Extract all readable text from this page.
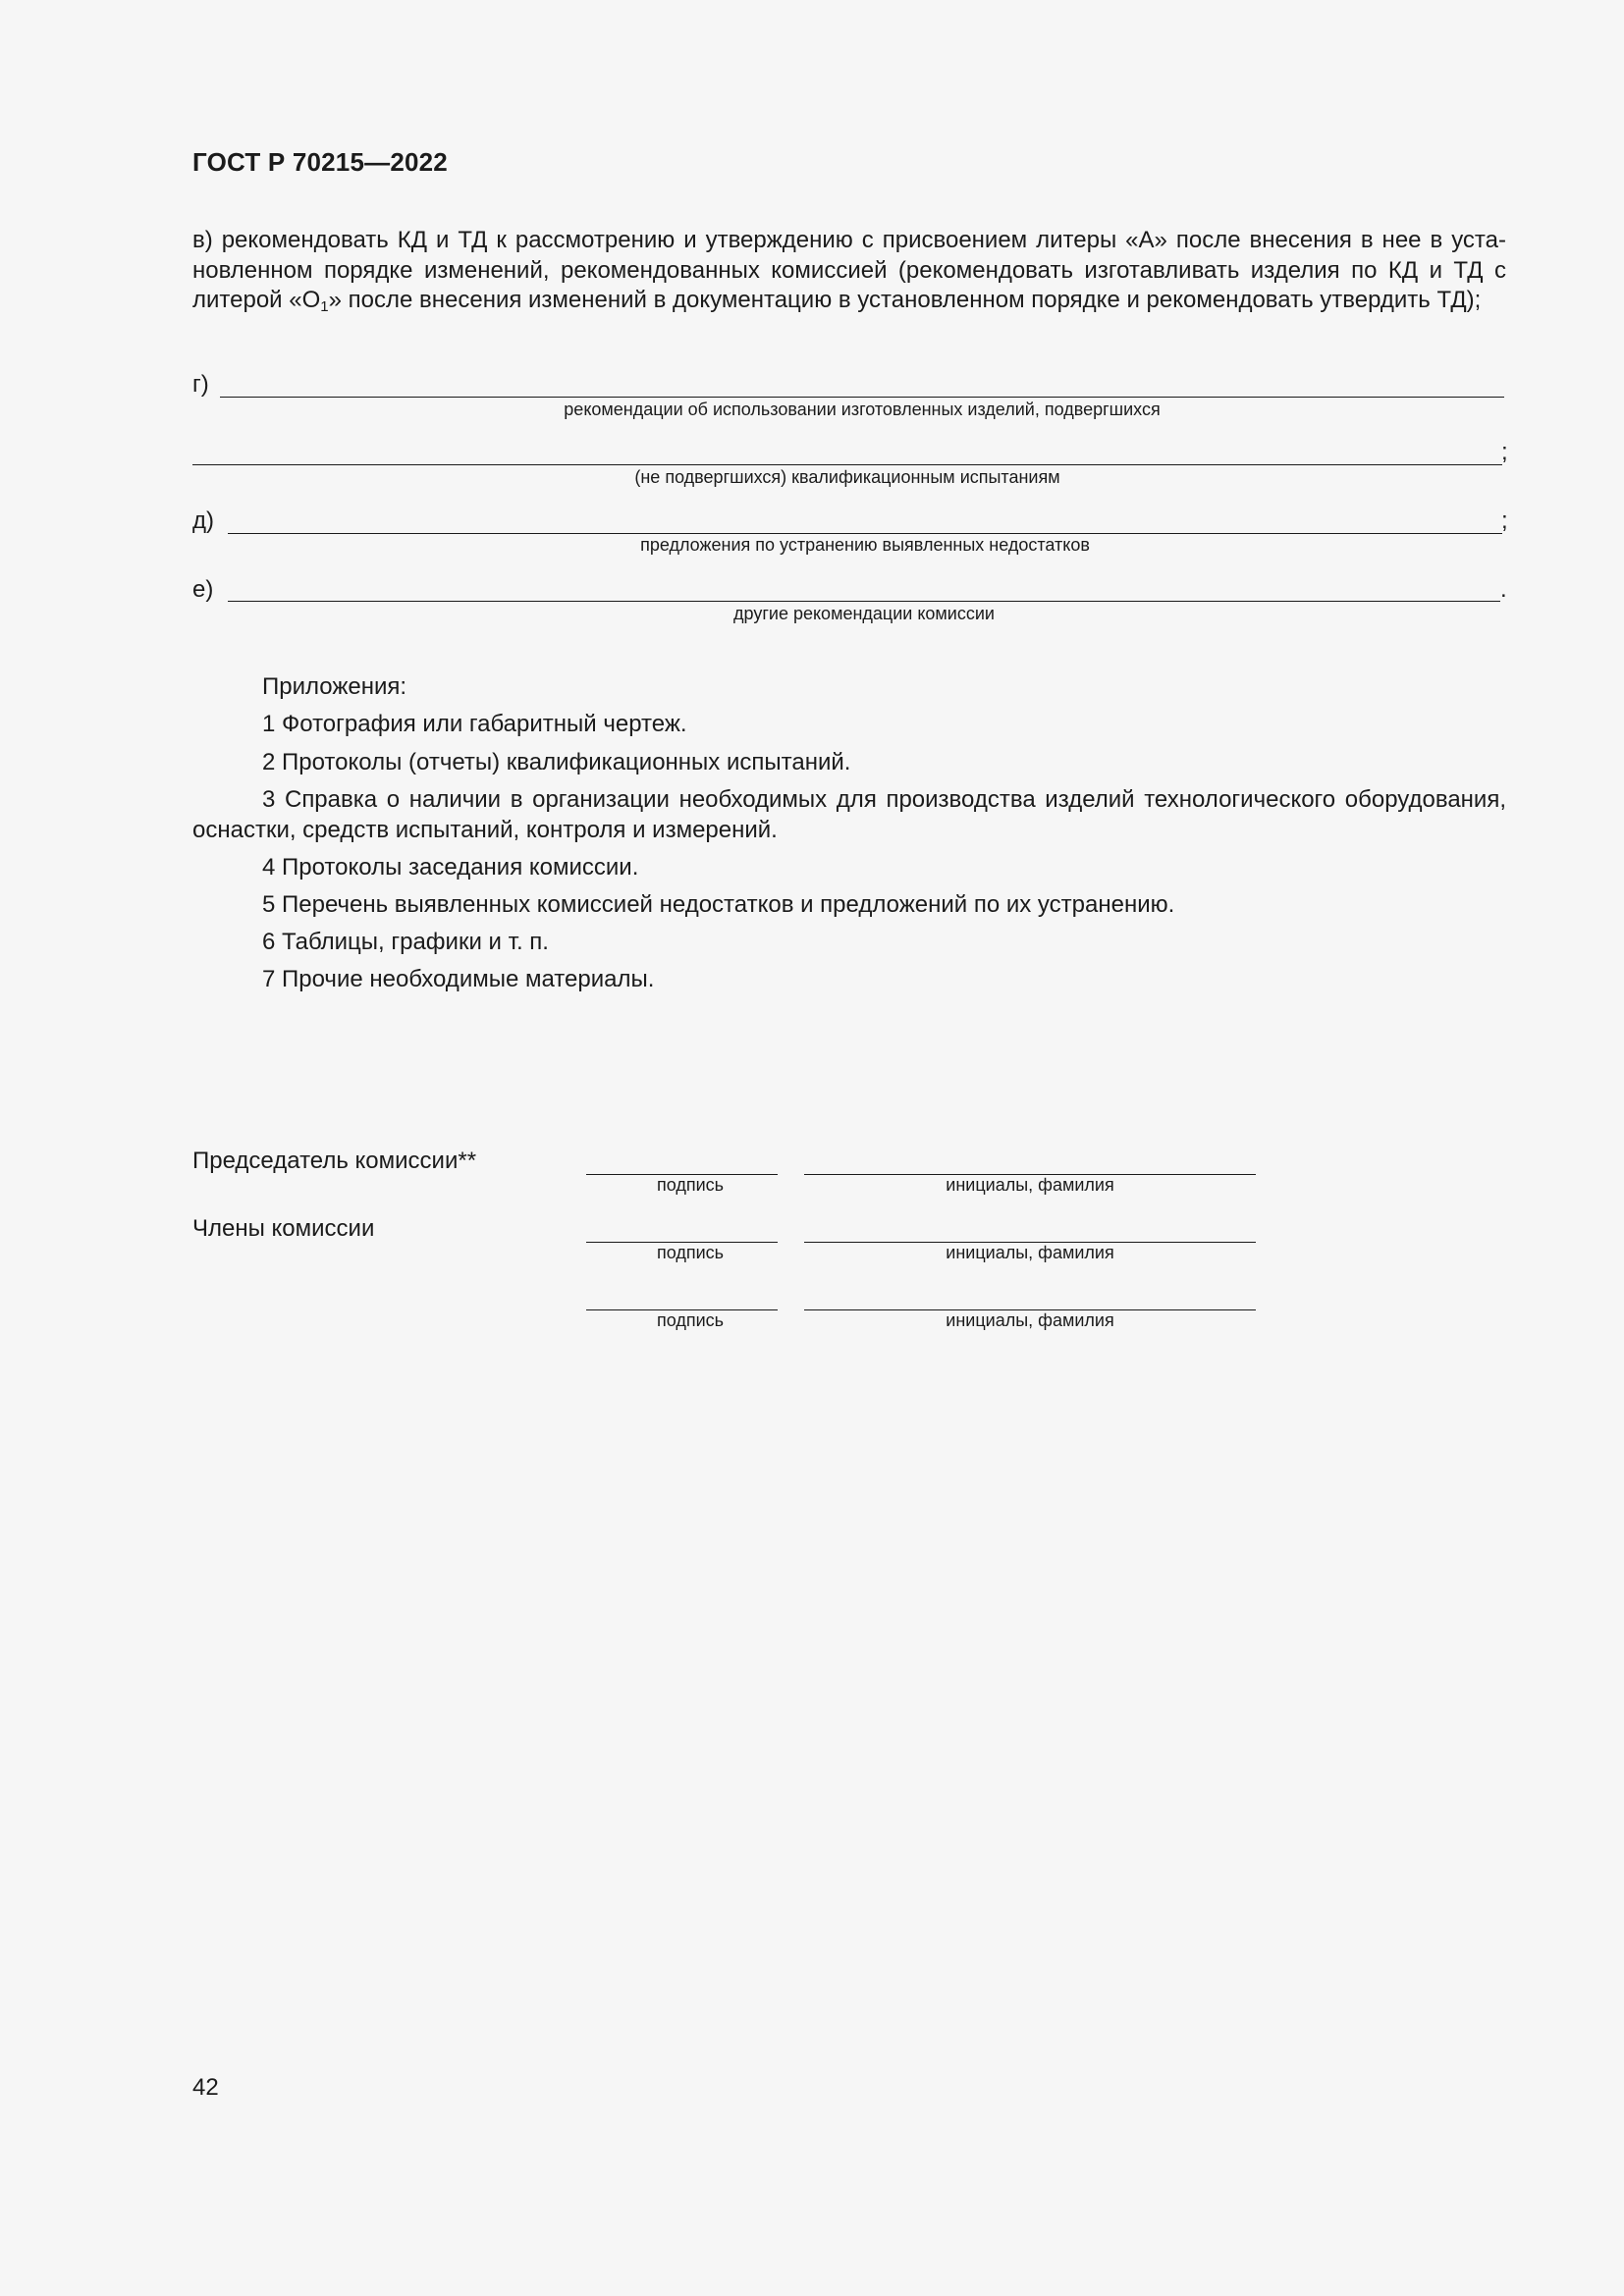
ГОСТ Р 70215—2022
в) рекомендовать КД и ТД к рассмотрению и утверждению с присвоением литеры «А» после внесения в нее в установленном порядке изменений, рекомендованных комиссией (рекомендовать изготавливать изделия по КД и ТД с литерой «$О_1$» после внесения изменений в документацию в установленном порядке и рекомендовать утвердить ТД);
г)
рекомендации об использовании изготовленных изделий, подвергшихся
;
(не подвергшихся) квалификационным испытаниям
д)	;
предложения по устранению выявленных недостатков
е)	.
другие рекомендации комиссии
Приложения:
1 Фотография или габаритный чертеж.
2 Протоколы (отчеты) квалификационных испытаний.
3 Справка о наличии в организации необходимых для производства изделий технологического оборудования, оснастки, средств испытаний, контроля и измерений.
4 Протоколы заседания комиссии.
5 Перечень выявленных комиссией недостатков и предложений по их устранению.
6 Таблицы, графики и т. п.
7 Прочие необходимые материалы.
Председатель комиссии**
подпись	инициалы, фамилия
Члены комиссии
подпись	инициалы, фамилия
подпись	инициалы, фамилия
42
